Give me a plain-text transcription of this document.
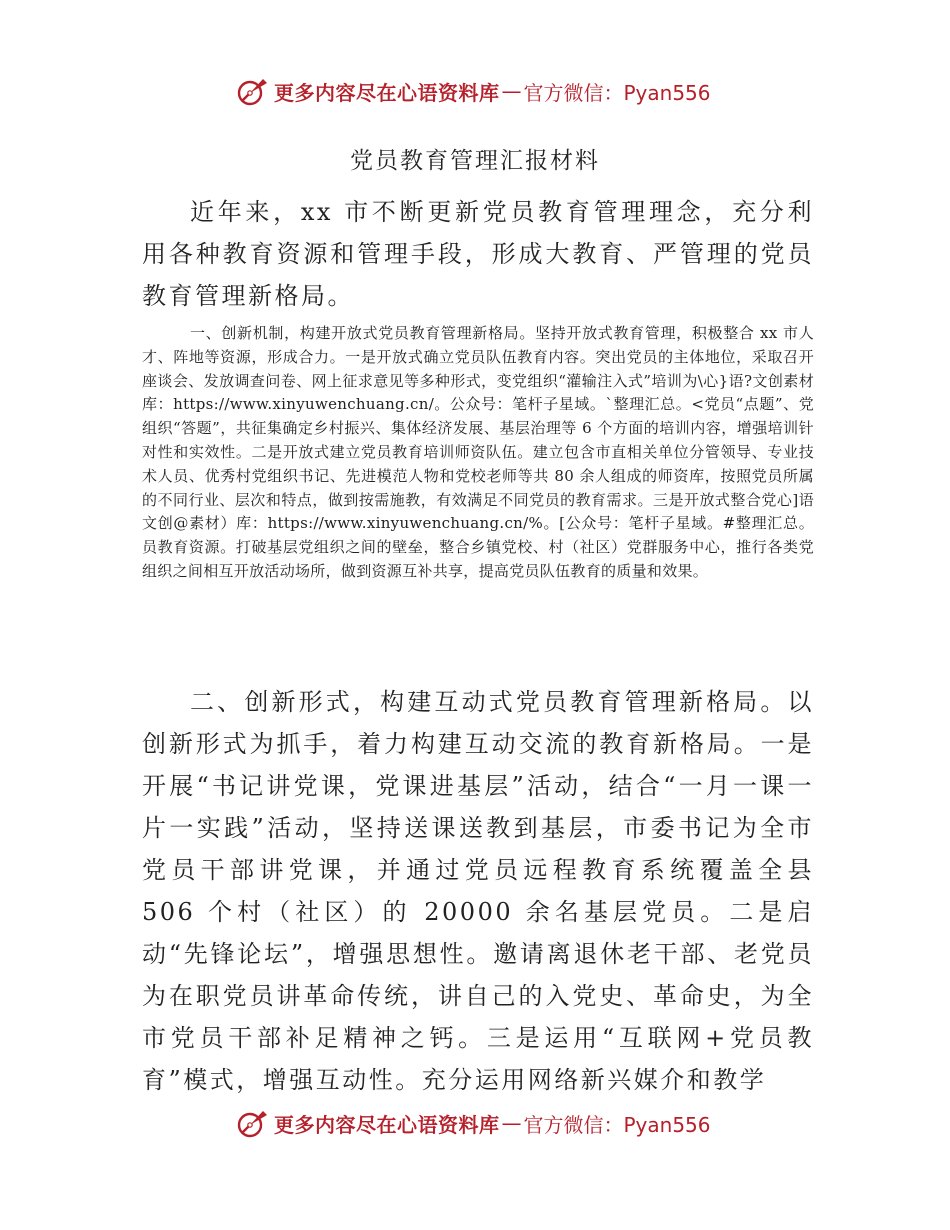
更多内容尽在心语资料库 — 官方微信：Pyan556
党员教育管理汇报材料

近年来，xx 市不断更新党员教育管理理念，充分利用各种教育资源和管理手段，形成大教育、严管理的党员教育管理新格局。

一、创新机制，构建开放式党员教育管理新格局。坚持开放式教育管理，积极整合 xx 市人才、阵地等资源，形成合力。一是开放式确立党员队伍教育内容。突出党员的主体地位，采取召开座谈会、发放调查问卷、网上征求意见等多种形式，变党组织“灌输注入式”培训为\心}语?文创素材库：https://www.xinyuwenchuang.cn/。公众号：笔杆子星域。`整理汇总。<党员“点题”、党组织“答题”，共征集确定乡村振兴、集体经济发展、基层治理等 6 个方面的培训内容，增强培训针对性和实效性。二是开放式建立党员教育培训师资队伍。建立包含市直相关单位分管领导、专业技术人员、优秀村党组织书记、先进模范人物和党校老师等共 80 余人组成的师资库，按照党员所属的不同行业、层次和特点，做到按需施教，有效满足不同党员的教育需求。三是开放式整合党心]语文创@素材）库：https://www.xinyuwenchuang.cn/%。[公众号：笔杆子星域。#整理汇总。员教育资源。打破基层党组织之间的壁垒，整合乡镇党校、村（社区）党群服务中心，推行各类党组织之间相互开放活动场所，做到资源互补共享，提高党员队伍教育的质量和效果。

二、创新形式，构建互动式党员教育管理新格局。以创新形式为抓手，着力构建互动交流的教育新格局。一是开展“书记讲党课，党课进基层”活动，结合“一月一课一片一实践”活动，坚持送课送教到基层，市委书记为全市党员干部讲党课，并通过党员远程教育系统覆盖全县 506 个村（社区）的 20000 余名基层党员。二是启动“先锋论坛”，增强思想性。邀请离退休老干部、老党员为在职党员讲革命传统，讲自己的入党史、革命史，为全市党员干部补足精神之钙。三是运用“互联网+党员教育”模式，增强互动性。充分运用网络新兴媒介和教学

更多内容尽在心语资料库 — 官方微信：Pyan556
